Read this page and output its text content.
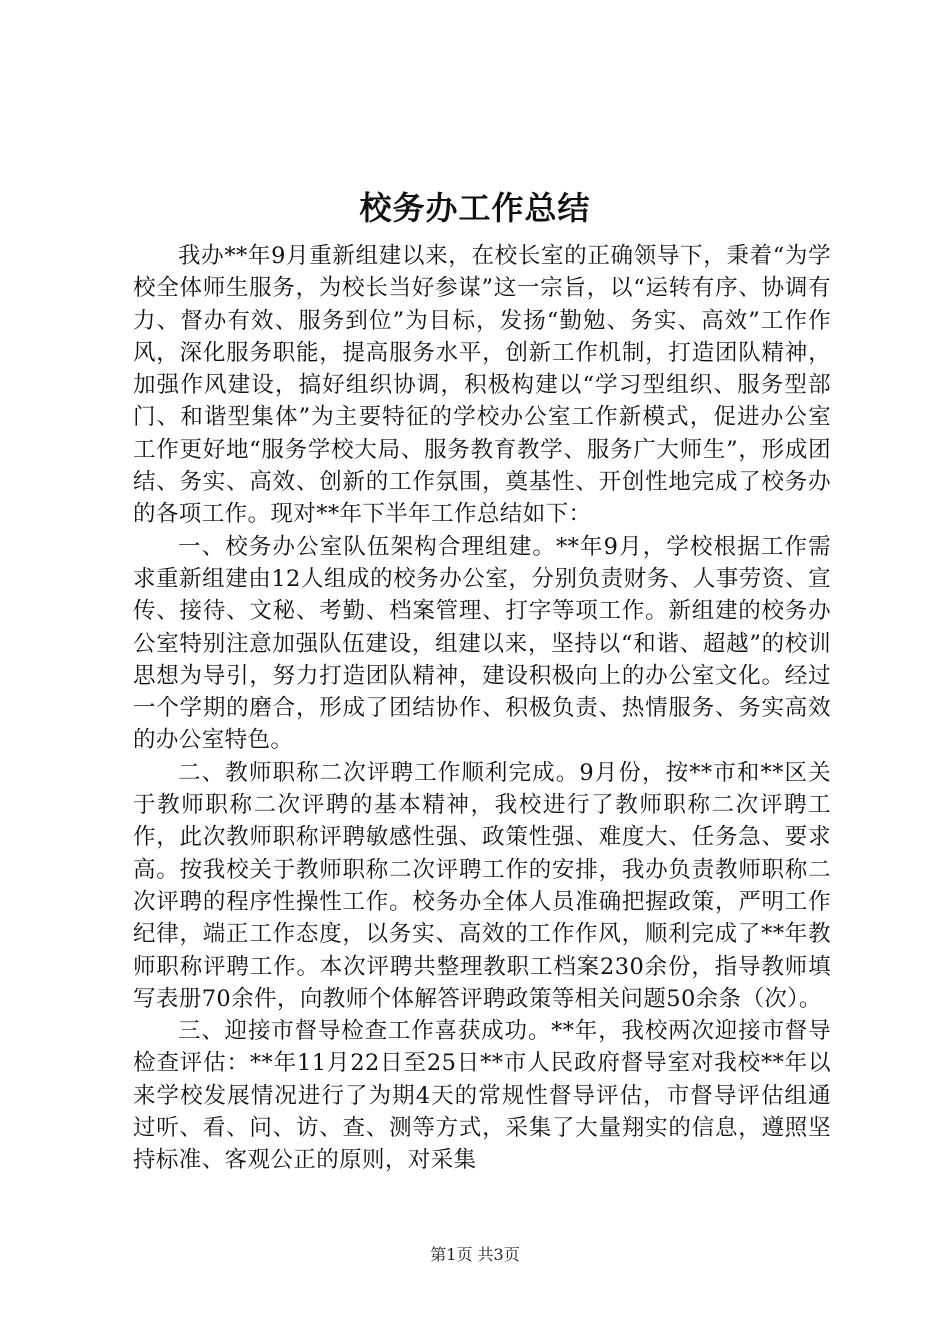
校务办工作总结

我办**年9月重新组建以来，在校长室的正确领导下，秉着“为学校全体师生服务，为校长当好参谋”这一宗旨，以“运转有序、协调有力、督办有效、服务到位”为目标，发扬“勤勉、务实、高效”工作作风，深化服务职能，提高服务水平，创新工作机制，打造团队精神，加强作风建设，搞好组织协调，积极构建以“学习型组织、服务型部门、和谐型集体”为主要特征的学校办公室工作新模式，促进办公室工作更好地“服务学校大局、服务教育教学、服务广大师生”，形成团结、务实、高效、创新的工作氛围，奠基性、开创性地完成了校务办的各项工作。现对**年下半年工作总结如下：

一、校务办公室队伍架构合理组建。**年9月，学校根据工作需求重新组建由12人组成的校务办公室，分别负责财务、人事劳资、宣传、接待、文秘、考勤、档案管理、打字等项工作。新组建的校务办公室特别注意加强队伍建设，组建以来，坚持以“和谐、超越”的校训思想为导引，努力打造团队精神，建设积极向上的办公室文化。经过一个学期的磨合，形成了团结协作、积极负责、热情服务、务实高效的办公室特色。

二、教师职称二次评聘工作顺利完成。9月份，按**市和**区关于教师职称二次评聘的基本精神，我校进行了教师职称二次评聘工作，此次教师职称评聘敏感性强、政策性强、难度大、任务急、要求高。按我校关于教师职称二次评聘工作的安排，我办负责教师职称二次评聘的程序性操性工作。校务办全体人员准确把握政策，严明工作纪律，端正工作态度，以务实、高效的工作作风，顺利完成了**年教师职称评聘工作。本次评聘共整理教职工档案230余份，指导教师填写表册70余件，向教师个体解答评聘政策等相关问题50余条（次）。

三、迎接市督导检查工作喜获成功。**年，我校两次迎接市督导检查评估：**年11月22日至25日**市人民政府督导室对我校**年以来学校发展情况进行了为期4天的常规性督导评估，市督导评估组通过听、看、问、访、查、测等方式，采集了大量翔实的信息，遵照坚持标准、客观公正的原则，对采集

第1页 共3页
